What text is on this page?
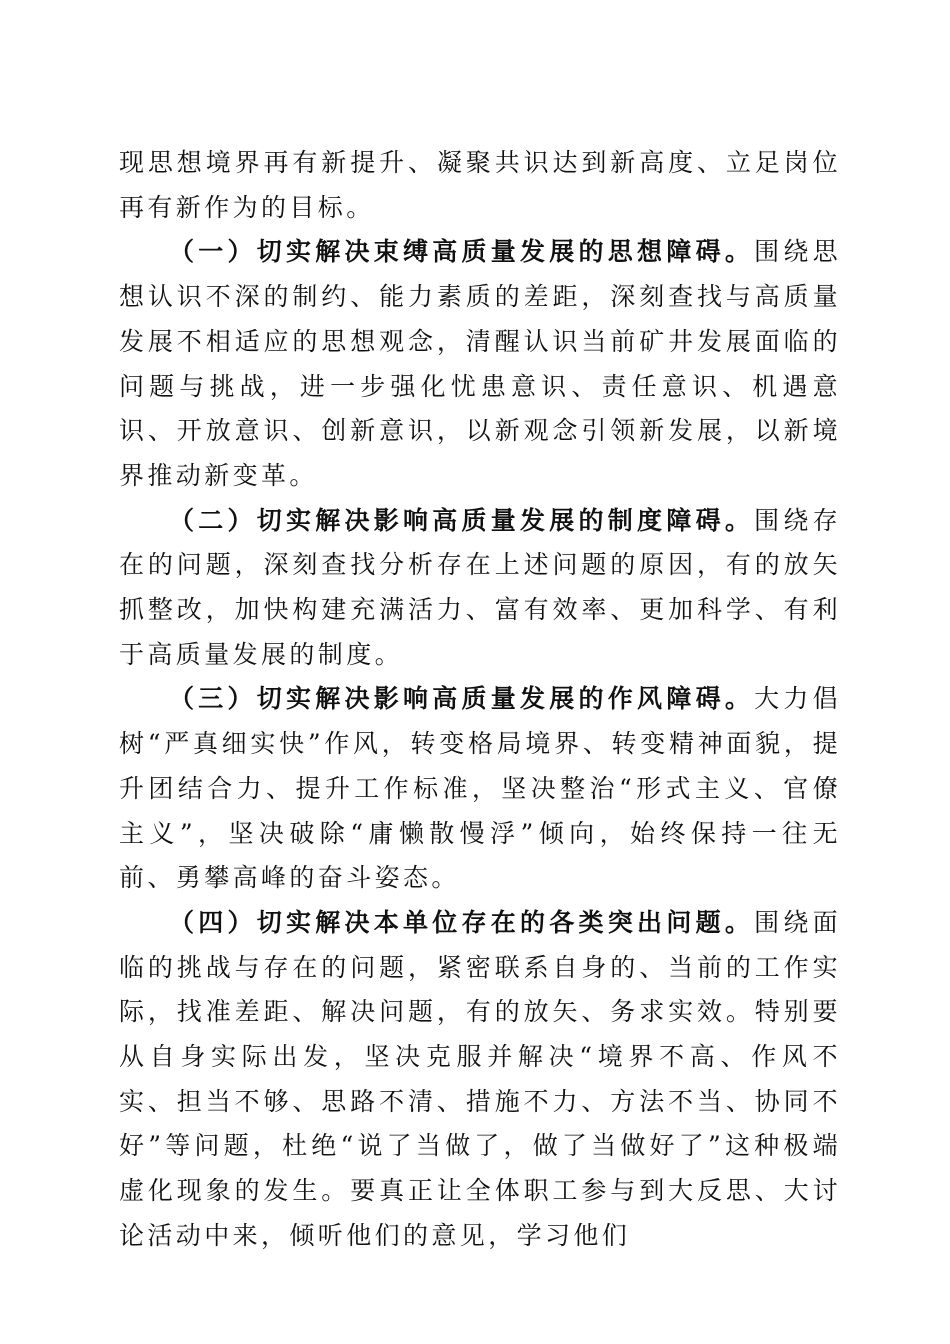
现思想境界再有新提升、凝聚共识达到新高度、立足岗位再有新作为的目标。

（一）切实解决束缚高质量发展的思想障碍。围绕思想认识不深的制约、能力素质的差距，深刻查找与高质量发展不相适应的思想观念，清醒认识当前矿井发展面临的问题与挑战，进一步强化忧患意识、责任意识、机遇意识、开放意识、创新意识，以新观念引领新发展，以新境界推动新变革。

（二）切实解决影响高质量发展的制度障碍。围绕存在的问题，深刻查找分析存在上述问题的原因，有的放矢抓整改，加快构建充满活力、富有效率、更加科学、有利于高质量发展的制度。

（三）切实解决影响高质量发展的作风障碍。大力倡树“严真细实快”作风，转变格局境界、转变精神面貌，提升团结合力、提升工作标准，坚决整治“形式主义、官僚主义”，坚决破除“庸懒散慢浮”倾向，始终保持一往无前、勇攀高峰的奋斗姿态。

（四）切实解决本单位存在的各类突出问题。围绕面临的挑战与存在的问题，紧密联系自身的、当前的工作实际，找准差距、解决问题，有的放矢、务求实效。特别要从自身实际出发，坚决克服并解决“境界不高、作风不实、担当不够、思路不清、措施不力、方法不当、协同不好”等问题，杜绝“说了当做了，做了当做好了”这种极端虚化现象的发生。要真正让全体职工参与到大反思、大讨论活动中来，倾听他们的意见，学习他们
